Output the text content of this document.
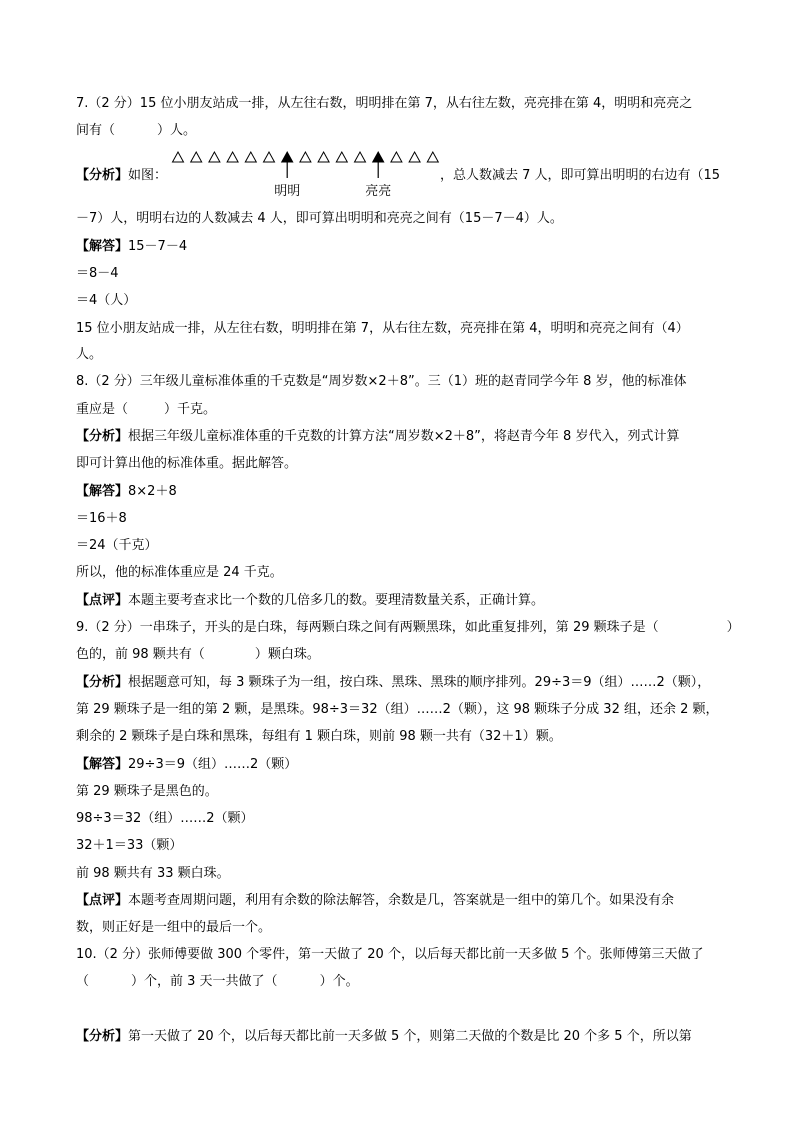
7.（2 分）15 位小朋友站成一排，从左往右数，明明排在第 7，从右往左数，亮亮排在第 4，明明和亮亮之
间有（	）人。
【分析】如图：	，总人数减去 7 人，即可算出明明的右边有（15
明明	亮亮
－7）人，明明右边的人数减去 4 人，即可算出明明和亮亮之间有（15－7－4）人。
【解答】15－7－4
＝8－4
＝4（人）
15 位小朋友站成一排，从左往右数，明明排在第 7，从右往左数，亮亮排在第 4，明明和亮亮之间有（4）
人。
8.（2 分）三年级儿童标准体重的千克数是“周岁数×2＋8”。三（1）班的赵青同学今年 8 岁，他的标准体
重应是（	）千克。
【分析】根据三年级儿童标准体重的千克数的计算方法“周岁数×2＋8”，将赵青今年 8 岁代入，列式计算
即可计算出他的标准体重。据此解答。
【解答】8×2＋8
＝16＋8
＝24（千克）
所以，他的标准体重应是 24 千克。
【点评】本题主要考查求比一个数的几倍多几的数。要理清数量关系，正确计算。
9.（2 分）一串珠子，开头的是白珠，每两颗白珠之间有两颗黑珠，如此重复排列，第 29 颗珠子是（	）
色的，前 98 颗共有（	）颗白珠。
【分析】根据题意可知，每 3 颗珠子为一组，按白珠、黑珠、黑珠的顺序排列。29÷3＝9（组）……2（颗），
第 29 颗珠子是一组的第 2 颗，是黑珠。98÷3＝32（组）……2（颗），这 98 颗珠子分成 32 组，还余 2 颗，
剩余的 2 颗珠子是白珠和黑珠，每组有 1 颗白珠，则前 98 颗一共有（32＋1）颗。
【解答】29÷3＝9（组）……2（颗）
第 29 颗珠子是黑色的。
98÷3＝32（组）……2（颗）
32＋1＝33（颗）
前 98 颗共有 33 颗白珠。
【点评】本题考查周期问题，利用有余数的除法解答，余数是几，答案就是一组中的第几个。如果没有余
数，则正好是一组中的最后一个。
10.（2 分）张师傅要做 300 个零件，第一天做了 20 个，以后每天都比前一天多做 5 个。张师傅第三天做了
（	）个，前 3 天一共做了（	）个。
【分析】第一天做了 20 个，以后每天都比前一天多做 5 个，则第二天做的个数是比 20 个多 5 个，所以第
